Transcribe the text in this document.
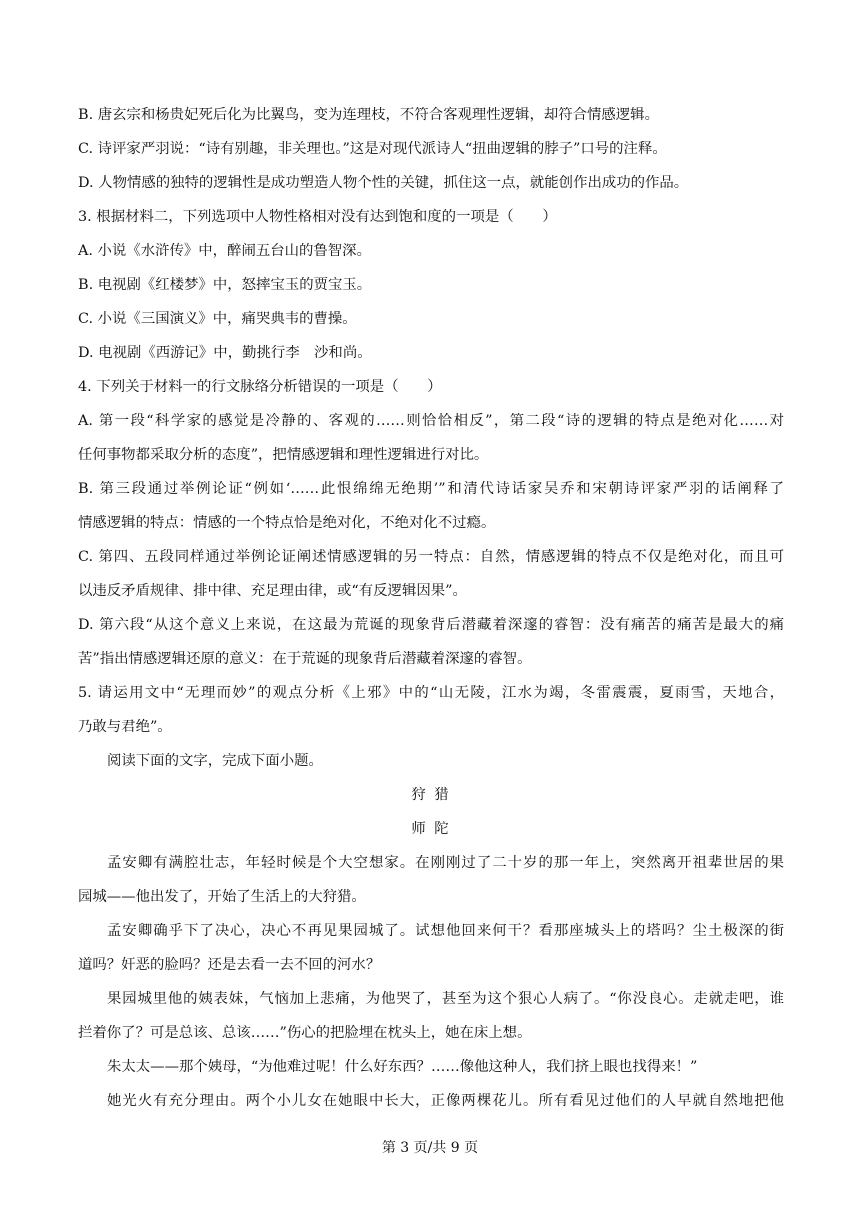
B. 唐玄宗和杨贵妃死后化为比翼鸟，变为连理枝，不符合客观理性逻辑，却符合情感逻辑。
C. 诗评家严羽说：“诗有别趣，非关理也。”这是对现代派诗人“扭曲逻辑的脖子”口号的注释。
D. 人物情感的独特的逻辑性是成功塑造人物个性的关键，抓住这一点，就能创作出成功的作品。
3. 根据材料二，下列选项中人物性格相对没有达到饱和度的一项是（　　）
A. 小说《水浒传》中，醉闹五台山的鲁智深。
B. 电视剧《红楼梦》中，怒摔宝玉的贾宝玉。
C. 小说《三国演义》中，痛哭典韦的曹操。
D. 电视剧《西游记》中，勤挑行李　沙和尚。
4. 下列关于材料一的行文脉络分析错误的一项是（　　）
A. 第一段“科学家的感觉是冷静的、客观的……则恰恰相反”，第二段“诗的逻辑的特点是绝对化……对
任何事物都采取分析的态度”，把情感逻辑和理性逻辑进行对比。
B. 第三段通过举例论证“例如‘……此恨绵绵无绝期’”和清代诗话家吴乔和宋朝诗评家严羽的话阐释了
情感逻辑的特点：情感的一个特点恰是绝对化，不绝对化不过瘾。
C. 第四、五段同样通过举例论证阐述情感逻辑的另一特点：自然，情感逻辑的特点不仅是绝对化，而且可
以违反矛盾规律、排中律、充足理由律，或“有反逻辑因果”。
D. 第六段“从这个意义上来说，在这最为荒诞的现象背后潜藏着深邃的睿智：没有痛苦的痛苦是最大的痛
苦”指出情感逻辑还原的意义：在于荒诞的现象背后潜藏着深邃的睿智。
5. 请运用文中“无理而妙”的观点分析《上邪》中的“山无陵，江水为竭，冬雷震震，夏雨雪，天地合，
乃敢与君绝”。
阅读下面的文字，完成下面小题。
狩 猎
师 陀
孟安卿有满腔壮志，年轻时候是个大空想家。在刚刚过了二十岁的那一年上，突然离开祖辈世居的果
园城——他出发了，开始了生活上的大狩猎。
孟安卿确乎下了决心，决心不再见果园城了。试想他回来何干？看那座城头上的塔吗？尘土极深的街
道吗？奸恶的脸吗？还是去看一去不回的河水？
果园城里他的姨表妹，气恼加上悲痛，为他哭了，甚至为这个狠心人病了。“你没良心。走就走吧，谁
拦着你了？可是总该、总该……”伤心的把脸埋在枕头上，她在床上想。
朱太太——那个姨母，“为他难过呢！什么好东西？……像他这种人，我们挤上眼也找得来！”
她光火有充分理由。两个小儿女在她眼中长大，正像两棵花儿。所有看见过他们的人早就自然地把他
第 3 页/共 9 页
